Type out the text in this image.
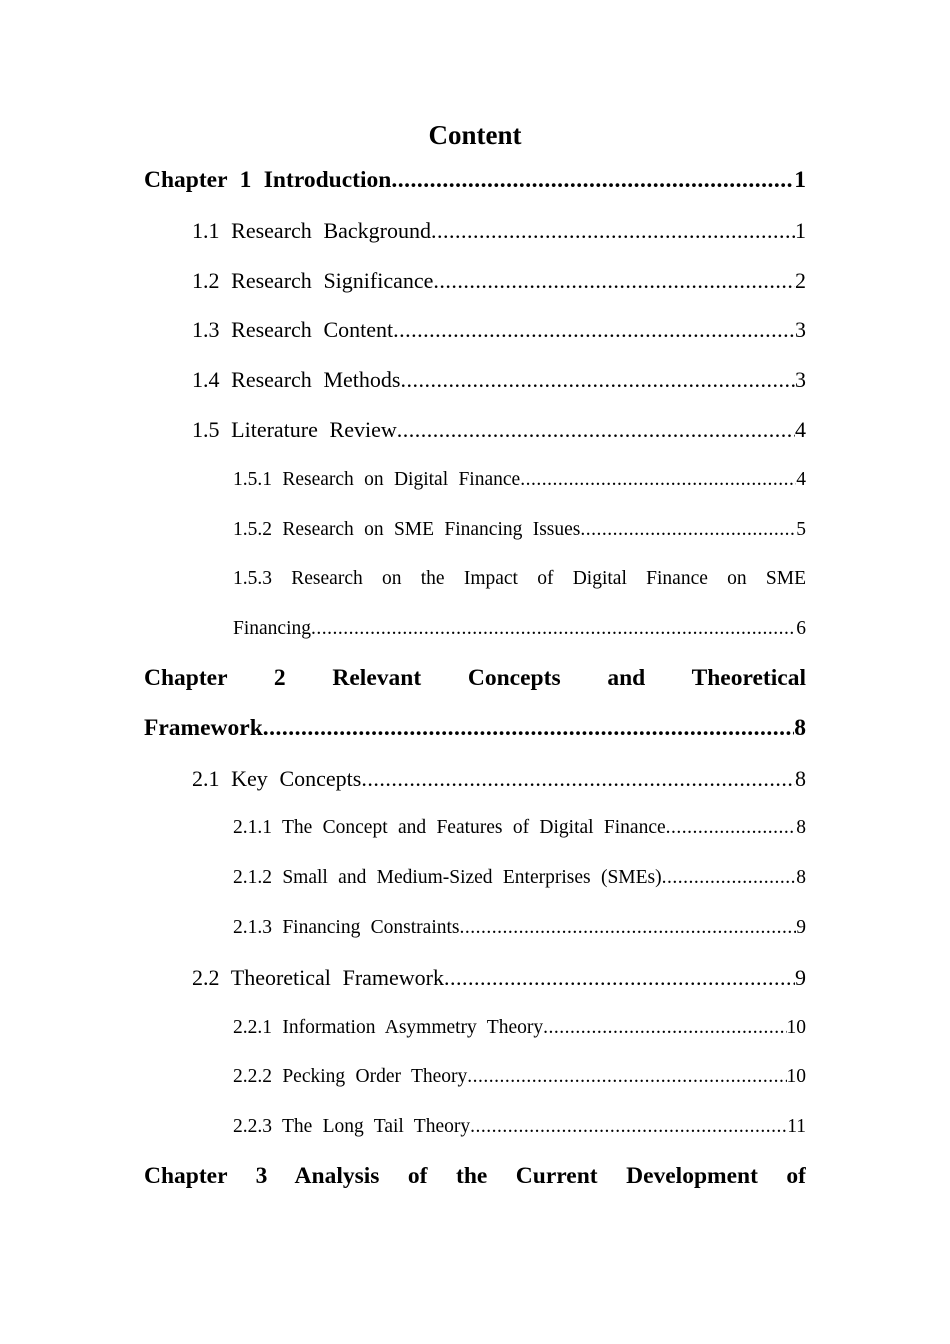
Content
Chapter 1 Introduction .....	1
1.1 Research Background .....	1
1.2 Research Significance .....	2
1.3 Research Content .....	3
1.4 Research Methods .....	3
1.5 Literature Review .....	4
1.5.1 Research on Digital Finance .....	4
1.5.2 Research on SME Financing Issues .....	5
1.5.3 Research on the Impact of Digital Finance on SME
Financing .....	6
Chapter 2 Relevant Concepts and Theoretical
Framework .....	8
2.1 Key Concepts .....	8
2.1.1 The Concept and Features of Digital Finance .....	8
2.1.2 Small and Medium-Sized Enterprises (SMEs) .....	8
2.1.3 Financing Constraints .....	9
2.2 Theoretical Framework .....	9
2.2.1 Information Asymmetry Theory .....	10
2.2.2 Pecking Order Theory .....	10
2.2.3 The Long Tail Theory .....	11
Chapter 3 Analysis of the Current Development of
